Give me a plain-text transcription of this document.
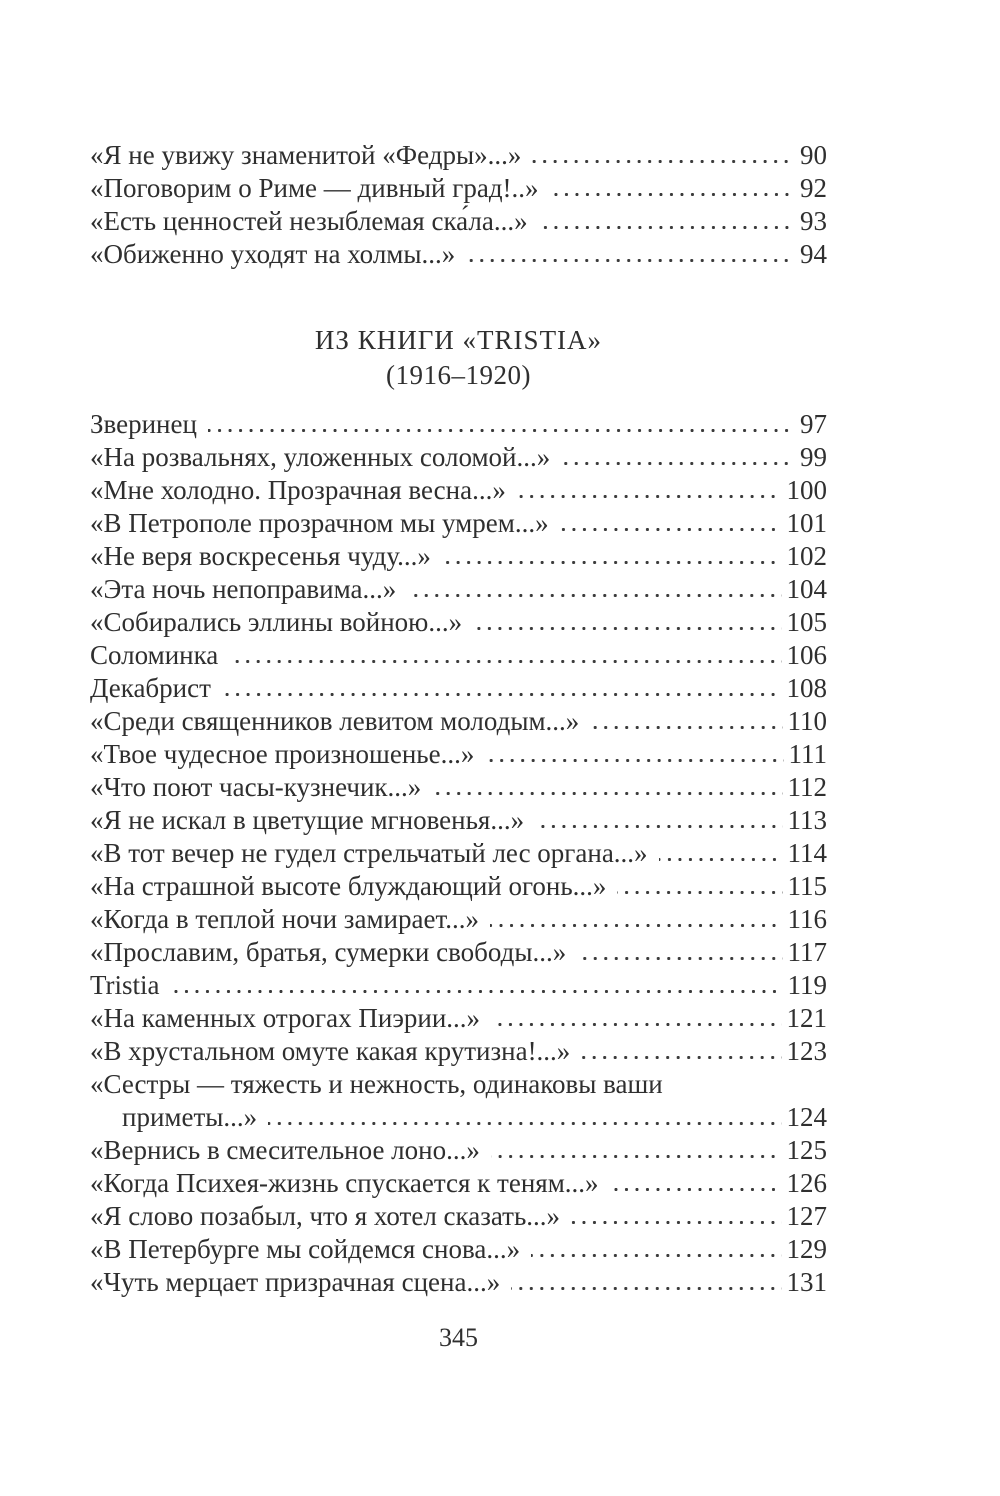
«Я не увижу знаменитой «Федры»...»	90
«Поговорим о Риме — дивный град!..»	92
«Есть ценностей незыблемая ска́ла...»	93
«Обиженно уходят на холмы...»	94
ИЗ КНИГИ «TRISTIA»
(1916–1920)
Зверинец	97
«На розвальнях, уложенных соломой...»	99
«Мне холодно. Прозрачная весна...»	100
«В Петрополе прозрачном мы умрем...»	101
«Не веря воскресенья чуду...»	102
«Эта ночь непоправима...»	104
«Собирались эллины войною...»	105
Соломинка	106
Декабрист	108
«Среди священников левитом молодым...»	110
«Твое чудесное произношенье...»	111
«Что поют часы-кузнечик...»	112
«Я не искал в цветущие мгновенья...»	113
«В тот вечер не гудел стрельчатый лес органа...»	114
«На страшной высоте блуждающий огонь...»	115
«Когда в теплой ночи замирает...»	116
«Прославим, братья, сумерки свободы...»	117
Tristia	119
«На каменных отрогах Пиэрии...»	121
«В хрустальном омуте какая крутизна!...»	123
«Сестры — тяжесть и нежность, одинаковы ваши
приметы...»	124
«Вернись в смесительное лоно...»	125
«Когда Психея-жизнь спускается к теням...»	126
«Я слово позабыл, что я хотел сказать...»	127
«В Петербурге мы сойдемся снова...»	129
«Чуть мерцает призрачная сцена...»	131
345
